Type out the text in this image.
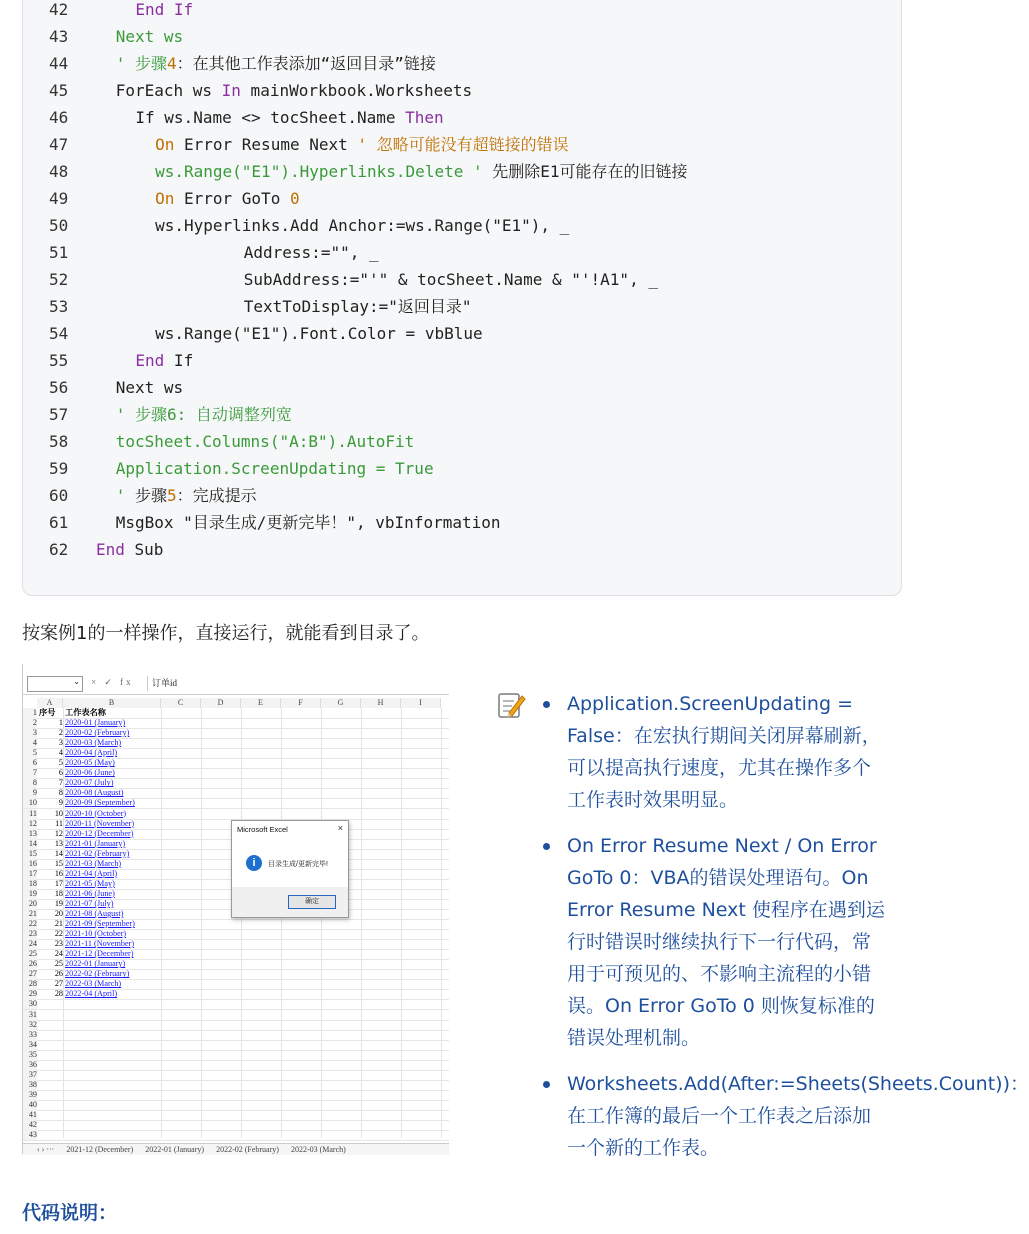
42	End If
43	Next ws
44	' 步骤4：在其他工作表添加“返回目录”链接
45	ForEach ws In mainWorkbook.Worksheets
46	If ws.Name <> tocSheet.Name Then
47	On Error Resume Next ' 忽略可能没有超链接的错误
48	ws.Range("E1").Hyperlinks.Delete ' 先删除E1可能存在的旧链接
49	On Error GoTo 0
50	ws.Hyperlinks.Add Anchor:=ws.Range("E1"), _
51	Address:="", _
52	SubAddress:="'" & tocSheet.Name & "'!A1", _
53	TextToDisplay:="返回目录"
54	ws.Range("E1").Font.Color = vbBlue
55	End If
56	Next ws
57	' 步骤6: 自动调整列宽
58	tocSheet.Columns("A:B").AutoFit
59	Application.ScreenUpdating = True
60	' 步骤5：完成提示
61	MsgBox "目录生成/更新完毕！", vbInformation
62	End Sub
按案例1的一样操作，直接运行，就能看到目录了。
⌄ × ✓ fx	订单id
A	B	C	D	E	F	G	H	I
1 序号 工作表名称
2	1 2020-01 (January)
3	2 2020-02 (February)
4	3 2020-03 (March)
5	4 2020-04 (April)
6	5 2020-05 (May)
7	6 2020-06 (June)
8	7 2020-07 (July)
9	8 2020-08 (August)
10	9 2020-09 (September)
11	10 2020-10 (October)
12	11 2020-11 (November)
13	12 2020-12 (December)
14	13 2021-01 (January)
15	14 2021-02 (February)
16	15 2021-03 (March)
17	16 2021-04 (April)
18	17 2021-05 (May)
19	18 2021-06 (June)
20	19 2021-07 (July)
21	20 2021-08 (August)
22	21 2021-09 (September)
23	22 2021-10 (October)
24	23 2021-11 (November)
25	24 2021-12 (December)
26	25 2022-01 (January)
27	26 2022-02 (February)
28	27 2022-03 (March)
29	28 2022-04 (April)
30
31
32
33
34
35
36
37
38
39
40
41
42
43
‹ › ··· 2021-12 (December) 2022-01 (January) 2022-02 (February) 2022-03 (March)
Microsoft Excel	×
i	目录生成/更新完毕!
确定
Application.ScreenUpdating = False：在宏执行期间关闭屏幕刷新，可以提高执行速度，尤其在操作多个工作表时效果明显。
On Error Resume Next / On Error GoTo 0：VBA的错误处理语句。On Error Resume Next 使程序在遇到运行时错误时继续执行下一行代码，常用于可预见的、不影响主流程的小错误。On Error GoTo 0 则恢复标准的错误处理机制。
Worksheets.Add(After:=Sheets(Sheets.Count))：在工作簿的最后一个工作表之后添加一个新的工作表。
代码说明：
